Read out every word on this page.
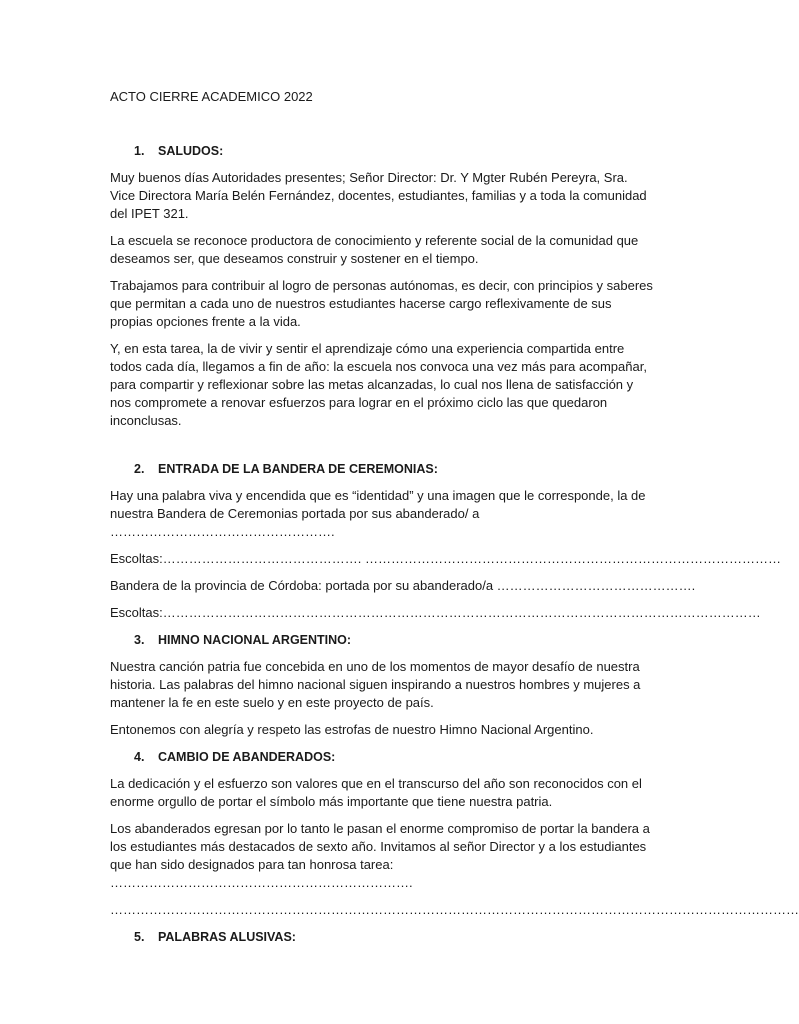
ACTO CIERRE ACADEMICO 2022

1.	SALUDOS:

Muy buenos días Autoridades presentes; Señor Director: Dr. Y Mgter Rubén Pereyra, Sra. Vice Directora María Belén Fernández, docentes, estudiantes, familias y a toda la comunidad del IPET 321.

La escuela se reconoce productora de conocimiento y referente social de la comunidad que deseamos ser, que deseamos construir y sostener en el tiempo.

Trabajamos para contribuir al logro de personas autónomas, es decir, con principios y saberes que permitan a cada uno de nuestros estudiantes hacerse cargo reflexivamente de sus propias opciones frente a la vida.

Y, en esta tarea, la de vivir y sentir el aprendizaje cómo una experiencia compartida entre todos cada día, llegamos a fin de año: la escuela nos convoca una vez más para acompañar, para compartir y reflexionar sobre las metas alcanzadas, lo cual nos llena de satisfacción y nos compromete a renovar esfuerzos para lograr en el próximo ciclo las que quedaron inconclusas.

2.	ENTRADA DE LA BANDERA DE CEREMONIAS:

Hay una palabra viva y encendida que es “identidad” y una imagen que le corresponde, la de nuestra Bandera de Ceremonias portada por sus abanderado/ a …………………………………………….

Escoltas:………………………………………. ……………………………………………………………………………………

Bandera de la provincia de Córdoba: portada por su abanderado/a ……………………………………….

Escoltas:…………………………………………………………………………………………………………………………

3.	HIMNO NACIONAL ARGENTINO:

Nuestra canción patria fue concebida en uno de los momentos de mayor desafío de nuestra historia. Las palabras del himno nacional siguen inspirando a nuestros hombres y mujeres a mantener la fe en este suelo y en este proyecto de país.

Entonemos con alegría y respeto las estrofas de nuestro Himno Nacional Argentino.

4.	CAMBIO DE ABANDERADOS:

La dedicación y el esfuerzo son valores que en el transcurso del año son reconocidos con el enorme orgullo de portar el símbolo más importante que tiene nuestra patria.

Los abanderados egresan por lo tanto le pasan el enorme compromiso de portar la bandera a los estudiantes más destacados de sexto año. Invitamos al señor Director y a los estudiantes que han sido designados para tan honrosa tarea: …………………………………………………………….

……………………………………………………………………………………………………………………………………………

5.	PALABRAS ALUSIVAS:
